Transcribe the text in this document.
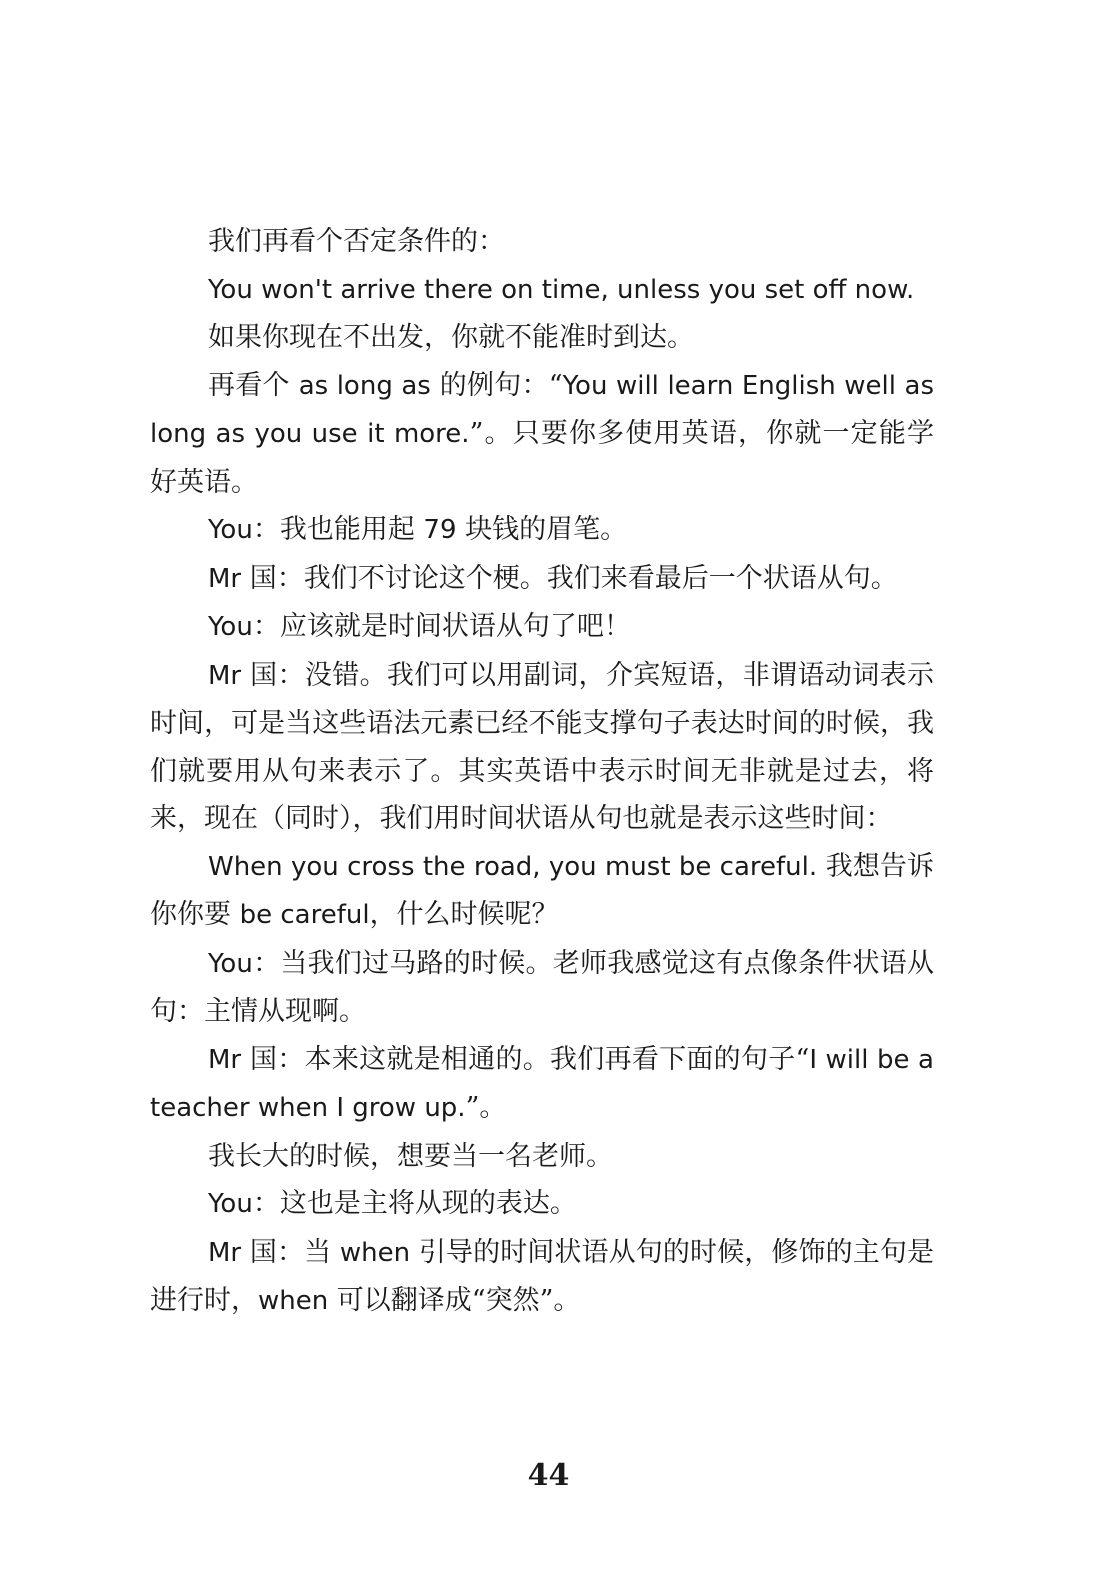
我们再看个否定条件的：

You won't arrive there on time, unless you set off now.

如果你现在不出发，你就不能准时到达。

再看个 as long as 的例句：“You will learn English well as long as you use it more.”。只要你多使用英语，你就一定能学好英语。

You：我也能用起 79 块钱的眉笔。

Mr 国：我们不讨论这个梗。我们来看最后一个状语从句。

You：应该就是时间状语从句了吧！

Mr 国：没错。我们可以用副词，介宾短语，非谓语动词表示时间，可是当这些语法元素已经不能支撑句子表达时间的时候，我们就要用从句来表示了。其实英语中表示时间无非就是过去，将来，现在（同时），我们用时间状语从句也就是表示这些时间：

When you cross the road, you must be careful. 我想告诉你你要 be careful，什么时候呢？

You：当我们过马路的时候。老师我感觉这有点像条件状语从句：主情从现啊。

Mr 国：本来这就是相通的。我们再看下面的句子“I will be a teacher when I grow up.”。

我长大的时候，想要当一名老师。

You：这也是主将从现的表达。

Mr 国：当 when 引导的时间状语从句的时候，修饰的主句是进行时，when 可以翻译成“突然”。

44
